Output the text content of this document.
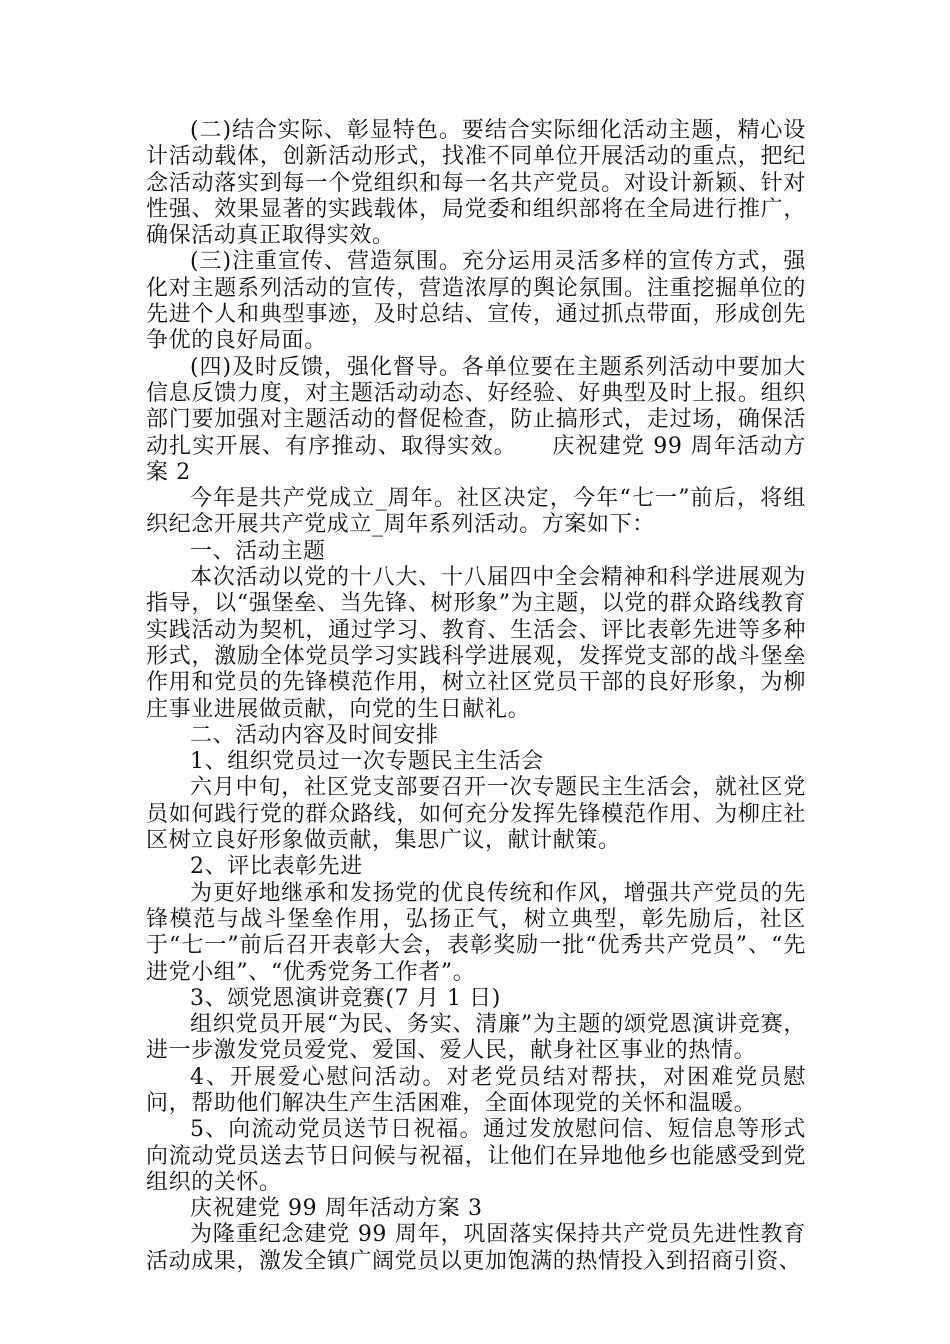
(二)结合实际、彰显特色。要结合实际细化活动主题，精心设计活动载体，创新活动形式，找准不同单位开展活动的重点，把纪念活动落实到每一个党组织和每一名共产党员。对设计新颖、针对性强、效果显著的实践载体，局党委和组织部将在全局进行推广，确保活动真正取得实效。

(三)注重宣传、营造氛围。充分运用灵活多样的宣传方式，强化对主题系列活动的宣传，营造浓厚的舆论氛围。注重挖掘单位的先进个人和典型事迹，及时总结、宣传，通过抓点带面，形成创先争优的良好局面。

(四)及时反馈，强化督导。各单位要在主题系列活动中要加大信息反馈力度，对主题活动动态、好经验、好典型及时上报。组织部门要加强对主题活动的督促检查，防止搞形式，走过场，确保活动扎实开展、有序推动、取得实效。　　庆祝建党 99 周年活动方案 2

今年是共产党成立_周年。社区决定，今年“七一”前后，将组织纪念开展共产党成立_周年系列活动。方案如下：

一、活动主题

本次活动以党的十八大、十八届四中全会精神和科学进展观为指导，以“强堡垒、当先锋、树形象”为主题，以党的群众路线教育实践活动为契机，通过学习、教育、生活会、评比表彰先进等多种形式，激励全体党员学习实践科学进展观，发挥党支部的战斗堡垒作用和党员的先锋模范作用，树立社区党员干部的良好形象，为柳庄事业进展做贡献，向党的生日献礼。

二、活动内容及时间安排

1、组织党员过一次专题民主生活会

六月中旬，社区党支部要召开一次专题民主生活会，就社区党员如何践行党的群众路线，如何充分发挥先锋模范作用、为柳庄社区树立良好形象做贡献，集思广议，献计献策。

2、评比表彰先进

为更好地继承和发扬党的优良传统和作风，增强共产党员的先锋模范与战斗堡垒作用，弘扬正气，树立典型，彰先励后，社区于“七一”前后召开表彰大会，表彰奖励一批“优秀共产党员”、“先进党小组”、“优秀党务工作者”。

3、颂党恩演讲竞赛(7 月 1 日)

组织党员开展“为民、务实、清廉”为主题的颂党恩演讲竞赛，进一步激发党员爱党、爱国、爱人民，献身社区事业的热情。

4、开展爱心慰问活动。对老党员结对帮扶，对困难党员慰问，帮助他们解决生产生活困难，全面体现党的关怀和温暖。

5、向流动党员送节日祝福。通过发放慰问信、短信息等形式向流动党员送去节日问候与祝福，让他们在异地他乡也能感受到党组织的关怀。

庆祝建党 99 周年活动方案 3

为隆重纪念建党 99 周年，巩固落实保持共产党员先进性教育活动成果，激发全镇广阔党员以更加饱满的热情投入到招商引资、
